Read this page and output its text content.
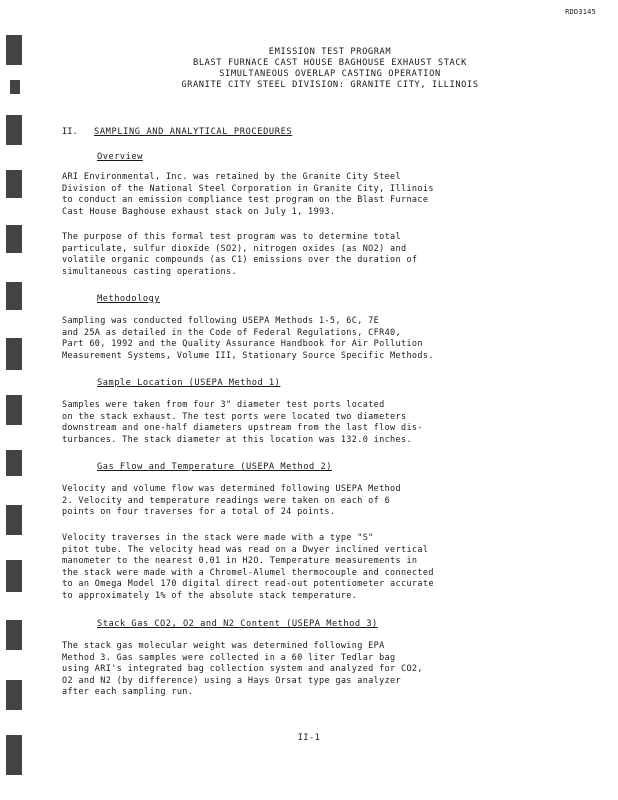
RDD3145
EMISSION TEST PROGRAM
BLAST FURNACE CAST HOUSE BAGHOUSE EXHAUST STACK
SIMULTANEOUS OVERLAP CASTING OPERATION
GRANITE CITY STEEL DIVISION: GRANITE CITY, ILLINOIS
II. SAMPLING AND ANALYTICAL PROCEDURES
Overview
ARI Environmental, Inc. was retained by the Granite City Steel
Division of the National Steel Corporation in Granite City, Illinois
to conduct an emission compliance test program on the Blast Furnace
Cast House Baghouse exhaust stack on July 1, 1993.
The purpose of this formal test program was to determine total
particulate, sulfur dioxide (SO2), nitrogen oxides (as NO2) and
volatile organic compounds (as C1) emissions over the duration of
simultaneous casting operations.
Methodology
Sampling was conducted following USEPA Methods 1-5, 6C, 7E
and 25A as detailed in the Code of Federal Regulations, CFR40,
Part 60, 1992 and the Quality Assurance Handbook for Air Pollution
Measurement Systems, Volume III, Stationary Source Specific Methods.
Sample Location (USEPA Method 1)
Samples were taken from four 3" diameter test ports located
on the stack exhaust. The test ports were located two diameters
downstream and one-half diameters upstream from the last flow dis-
turbances. The stack diameter at this location was 132.0 inches.
Gas Flow and Temperature (USEPA Method 2)
Velocity and volume flow was determined following USEPA Method
2. Velocity and temperature readings were taken on each of 6
points on four traverses for a total of 24 points.
Velocity traverses in the stack were made with a type "S"
pitot tube. The velocity head was read on a Dwyer inclined vertical
manometer to the nearest 0.01 in H2O. Temperature measurements in
the stack were made with a Chromel-Alumel thermocouple and connected
to an Omega Model 170 digital direct read-out potentiometer accurate
to approximately 1% of the absolute stack temperature.
Stack Gas CO2, O2 and N2 Content (USEPA Method 3)
The stack gas molecular weight was determined following EPA
Method 3. Gas samples were collected in a 60 liter Tedlar bag
using ARI's integrated bag collection system and analyzed for CO2,
O2 and N2 (by difference) using a Hays Orsat type gas analyzer
after each sampling run.
II-1
